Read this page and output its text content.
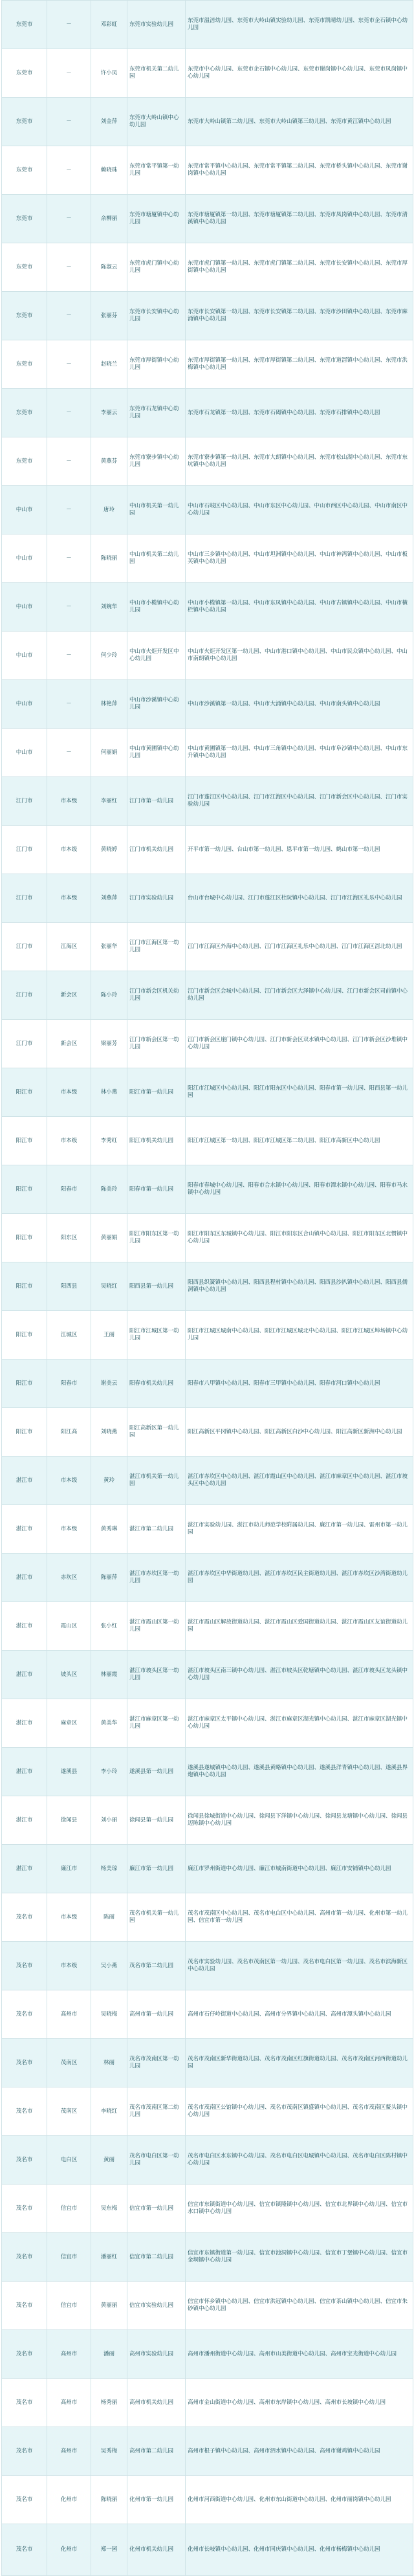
东莞市	－	邓彩虹	东莞市实验幼儿园	东莞市温涪幼儿园、东莞市大岭山镇实验幼儿园、东莞市凯晴幼儿园、东莞市企石镇中心幼儿园
东莞市	－	许小凤	东莞市机关第二幼儿园	东莞市中心幼儿园、东莞市企石镇中心幼儿园、东莞市谢岗镇中心幼儿园、东莞市凤岗镇中心幼儿园
东莞市	－	刘金萍	东莞市大岭山镇中心幼儿园	东莞市大岭山镇第二幼儿园、东莞市大岭山镇第三幼儿园、东莞市黄江镇中心幼儿园
东莞市	－	赖晓珠	东莞市常平镇第一幼儿园	东莞市常平镇中心幼儿园、东莞市常平镇第二幼儿园、东莞市桥头镇中心幼儿园、东莞市谢岗镇中心幼儿园
东莞市	－	余柳丽	东莞市塘厦镇中心幼儿园	东莞市塘厦镇第一幼儿园、东莞市塘厦镇第二幼儿园、东莞市凤岗镇中心幼儿园、东莞市清溪镇中心幼儿园
东莞市	－	陈淑云	东莞市虎门镇中心幼儿园	东莞市虎门镇第一幼儿园、东莞市虎门镇第二幼儿园、东莞市长安镇中心幼儿园、东莞市厚街镇中心幼儿园
东莞市	－	张丽芬	东莞市长安镇中心幼儿园	东莞市长安镇第一幼儿园、东莞市长安镇第二幼儿园、东莞市沙田镇中心幼儿园、东莞市麻涌镇中心幼儿园
东莞市	－	赵晓兰	东莞市厚街镇中心幼儿园	东莞市厚街镇第一幼儿园、东莞市厚街镇第二幼儿园、东莞市道滘镇中心幼儿园、东莞市洪梅镇中心幼儿园
东莞市	－	李丽云	东莞市石龙镇中心幼儿园	东莞市石龙镇第一幼儿园、东莞市石碣镇中心幼儿园、东莞市石排镇中心幼儿园
东莞市	－	黄燕芬	东莞市寮步镇中心幼儿园	东莞市寮步镇第一幼儿园、东莞市大朗镇中心幼儿园、东莞市松山湖中心幼儿园、东莞市东坑镇中心幼儿园
中山市	－	唐玲	中山市机关第一幼儿园	中山市石岐区中心幼儿园、中山市东区中心幼儿园、中山市西区中心幼儿园、中山市南区中心幼儿园
中山市	－	陈晓丽	中山市机关第二幼儿园	中山市三乡镇中心幼儿园、中山市坦洲镇中心幼儿园、中山市神湾镇中心幼儿园、中山市板芙镇中心幼儿园
中山市	－	刘婉华	中山市小榄镇中心幼儿园	中山市小榄镇第一幼儿园、中山市东凤镇中心幼儿园、中山市古镇镇中心幼儿园、中山市横栏镇中心幼儿园
中山市	－	何少玲	中山市火炬开发区中心幼儿园	中山市火炬开发区第一幼儿园、中山市港口镇中心幼儿园、中山市民众镇中心幼儿园、中山市南朗镇中心幼儿园
中山市	－	林艳萍	中山市沙溪镇中心幼儿园	中山市沙溪镇第一幼儿园、中山市大涌镇中心幼儿园、中山市南头镇中心幼儿园
中山市	－	何丽娟	中山市黄圃镇中心幼儿园	中山市黄圃镇第一幼儿园、中山市三角镇中心幼儿园、中山市阜沙镇中心幼儿园、中山市东升镇中心幼儿园
江门市	市本级	李丽红	江门市第一幼儿园	江门市蓬江区中心幼儿园、江门市江海区中心幼儿园、江门市新会区中心幼儿园、江门市实验幼儿园
江门市	市本级	黄晓婷	江门市机关幼儿园	开平市第一幼儿园、台山市第一幼儿园、恩平市第一幼儿园、鹤山市第一幼儿园
江门市	市本级	刘燕萍	江门市实验幼儿园	台山市台城中心幼儿园、江门市蓬江区杜阮镇中心幼儿园、江门市江海区礼乐中心幼儿园
江门市	江海区	张丽华	江门市江海区第一幼儿园	江门市江海区外海中心幼儿园、江门市江海区礼乐中心幼儿园、江门市江海区滘北幼儿园
江门市	新会区	陈小玲	江门市新会区机关幼儿园	江门市新会区会城中心幼儿园、江门市新会区大泽镇中心幼儿园、江门市新会区司前镇中心幼儿园
江门市	新会区	梁丽芳	江门市新会区第一幼儿园	江门市新会区崖门镇中心幼儿园、江门市新会区双水镇中心幼儿园、江门市新会区沙堆镇中心幼儿园
阳江市	市本级	林小燕	阳江市第一幼儿园	阳江市江城区中心幼儿园、阳江市阳东区中心幼儿园、阳春市第一幼儿园、阳西县第一幼儿园
阳江市	市本级	李秀红	阳江市机关幼儿园	阳江市江城区第一幼儿园、阳江市江城区第二幼儿园、阳江市高新区中心幼儿园
阳江市	阳春市	陈美玲	阳春市第一幼儿园	阳春市春城中心幼儿园、阳春市合水镇中心幼儿园、阳春市潭水镇中心幼儿园、阳春市马水镇中心幼儿园
阳江市	阳东区	黄丽娟	阳江市阳东区第一幼儿园	阳江市阳东区东城镇中心幼儿园、阳江市阳东区合山镇中心幼儿园、阳江市阳东区北惯镇中心幼儿园
阳江市	阳西县	吴晓红	阳西县第一幼儿园	阳西县织簧镇中心幼儿园、阳西县程村镇中心幼儿园、阳西县沙扒镇中心幼儿园、阳西县儒洞镇中心幼儿园
阳江市	江城区	王丽	阳江市江城区第一幼儿园	阳江市江城区城南中心幼儿园、阳江市江城区城北中心幼儿园、阳江市江城区埠场镇中心幼儿园
阳江市	阳春市	谢美云	阳春市机关幼儿园	阳春市八甲镇中心幼儿园、阳春市三甲镇中心幼儿园、阳春市河口镇中心幼儿园
阳江市	阳江高	刘晓燕	阳江高新区第一幼儿园	阳江高新区平冈镇中心幼儿园、阳江高新区白沙中心幼儿园、阳江高新区新洲中心幼儿园
湛江市	市本级	黄玲	湛江市机关第一幼儿园	湛江市赤坎区中心幼儿园、湛江市霞山区中心幼儿园、湛江市麻章区中心幼儿园、湛江市坡头区中心幼儿园
湛江市	市本级	黄秀琳	湛江市第二幼儿园	湛江市实验幼儿园、湛江市幼儿师范学校附属幼儿园、廉江市第一幼儿园、雷州市第一幼儿园
湛江市	赤坎区	陈丽萍	湛江市赤坎区第一幼儿园	湛江市赤坎区中华街道幼儿园、湛江市赤坎区民主街道幼儿园、湛江市赤坎区沙湾街道幼儿园
湛江市	霞山区	张小红	湛江市霞山区第一幼儿园	湛江市霞山区解放街道幼儿园、湛江市霞山区爱国街道幼儿园、湛江市霞山区友谊街道幼儿园
湛江市	坡头区	林丽霞	湛江市坡头区第一幼儿园	湛江市坡头区南三镇中心幼儿园、湛江市坡头区乾塘镇中心幼儿园、湛江市坡头区龙头镇中心幼儿园
湛江市	麻章区	黄美华	湛江市麻章区第一幼儿园	湛江市麻章区太平镇中心幼儿园、湛江市麻章区湖光镇中心幼儿园、湛江市麻章区湖光镇中心幼儿园
湛江市	遂溪县	李小玲	遂溪县第一幼儿园	遂溪县遂城镇中心幼儿园、遂溪县黄略镇中心幼儿园、遂溪县洋青镇中心幼儿园、遂溪县界炮镇中心幼儿园
湛江市	徐闻县	刘小丽	徐闻县第一幼儿园	徐闻县徐城街道中心幼儿园、徐闻县下洋镇中心幼儿园、徐闻县龙塘镇中心幼儿园、徐闻县迈陈镇中心幼儿园
湛江市	廉江市	杨美琼	廉江市第一幼儿园	廉江市罗州街道中心幼儿园、廉江市城南街道中心幼儿园、廉江市安铺镇中心幼儿园
茂名市	市本级	陈丽	茂名市机关第一幼儿园	茂名市茂南区中心幼儿园、茂名市电白区中心幼儿园、高州市第一幼儿园、化州市第一幼儿园、信宜市第一幼儿园
茂名市	市本级	吴小燕	茂名市第二幼儿园	茂名市实验幼儿园、茂名市茂南区第一幼儿园、茂名市电白区第一幼儿园、茂名市滨海新区中心幼儿园
茂名市	高州市	吴晓梅	高州市第一幼儿园	高州市石仔岭街道中心幼儿园、高州市分界镇中心幼儿园、高州市潭头镇中心幼儿园
茂名市	茂南区	林丽	茂名市茂南区第一幼儿园	茂名市茂南区新华街道幼儿园、茂名市茂南区红旗街道幼儿园、茂名市茂南区河西街道幼儿园
茂名市	茂南区	李晓红	茂名市茂南区第二幼儿园	茂名市茂南区公馆镇中心幼儿园、茂名市茂南区镇盛镇中心幼儿园、茂名市茂南区鳌头镇中心幼儿园
茂名市	电白区	黄丽	茂名市电白区第一幼儿园	茂名市电白区水东镇中心幼儿园、茂名市电白区电城镇中心幼儿园、茂名市电白区陈村镇中心幼儿园
茂名市	信宜市	吴东梅	信宜市第一幼儿园	信宜市东镇街道中心幼儿园、信宜市镇隆镇中心幼儿园、信宜市北界镇中心幼儿园、信宜市水口镇中心幼儿园
茂名市	信宜市	潘丽红	信宜市第二幼儿园	信宜市东镇街道第一幼儿园、信宜市池洞镇中心幼儿园、信宜市丁堡镇中心幼儿园、信宜市金垌镇中心幼儿园
茂名市	信宜市	黄丽丽	信宜市实验幼儿园	信宜市怀乡镇中心幼儿园、信宜市洪冠镇中心幼儿园、信宜市茶山镇中心幼儿园、信宜市朱砂镇中心幼儿园
茂名市	高州市	潘丽	高州市实验幼儿园	高州市潘州街道中心幼儿园、高州市山美街道中心幼儿园、高州市宝光街道中心幼儿园
茂名市	高州市	杨秀丽	高州市机关幼儿园	高州市金山街道中心幼儿园、高州市东岸镇中心幼儿园、高州市长坡镇中心幼儿园
茂名市	高州市	吴秀梅	高州市第二幼儿园	高州市根子镇中心幼儿园、高州市泗水镇中心幼儿园、高州市谢鸡镇中心幼儿园
茂名市	化州市	陈晓丽	化州市第一幼儿园	化州市河西街道中心幼儿园、化州市东山街道中心幼儿园、化州市丽岗镇中心幼儿园
茂名市	化州市	郑一园	化州市机关幼儿园	化州市长岐镇中心幼儿园、化州市同庆镇中心幼儿园、化州市杨梅镇中心幼儿园
